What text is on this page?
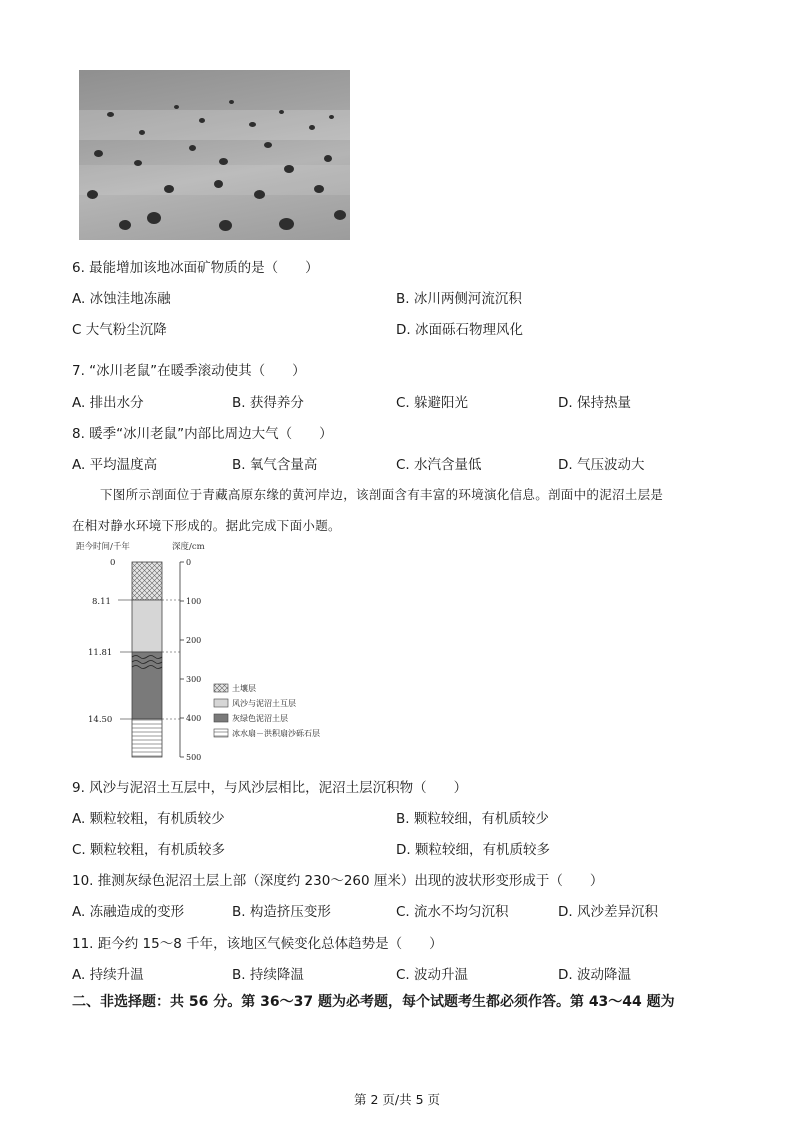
6. 最能增加该地冰面矿物质的是（　　）
A. 冰蚀洼地冻融	B. 冰川两侧河流沉积
C 大气粉尘沉降	D. 冰面砾石物理风化
7. “冰川老鼠”在暖季滚动使其（　　）
A. 排出水分	B. 获得养分	C. 躲避阳光	D. 保持热量
8. 暖季“冰川老鼠”内部比周边大气（　　）
A. 平均温度高	B. 氧气含量高	C. 水汽含量低	D. 气压波动大
下图所示剖面位于青藏高原东缘的黄河岸边，该剖面含有丰富的环境演化信息。剖面中的泥沼土层是
在相对静水环境下形成的。据此完成下面小题。
距今时间/千年	深度/cm
0
8.11
11.81
14.50
0
100
200
300
400
500
土壤层
风沙与泥沼土互层
灰绿色泥沼土层
冰水扇－洪积扇沙砾石层
9. 风沙与泥沼土互层中，与风沙层相比，泥沼土层沉积物（　　）
A. 颗粒较粗，有机质较少	B. 颗粒较细，有机质较少
C. 颗粒较粗，有机质较多	D. 颗粒较细，有机质较多
10. 推测灰绿色泥沼土层上部（深度约 230～260 厘米）出现的波状形变形成于（　　）
A. 冻融造成的变形	B. 构造挤压变形	C. 流水不均匀沉积	D. 风沙差异沉积
11. 距今约 15～8 千年，该地区气候变化总体趋势是（　　）
A. 持续升温	B. 持续降温	C. 波动升温	D. 波动降温
二、非选择题：共 56 分。第 36～37 题为必考题，每个试题考生都必须作答。第 43～44 题为
第 2 页/共 5 页
